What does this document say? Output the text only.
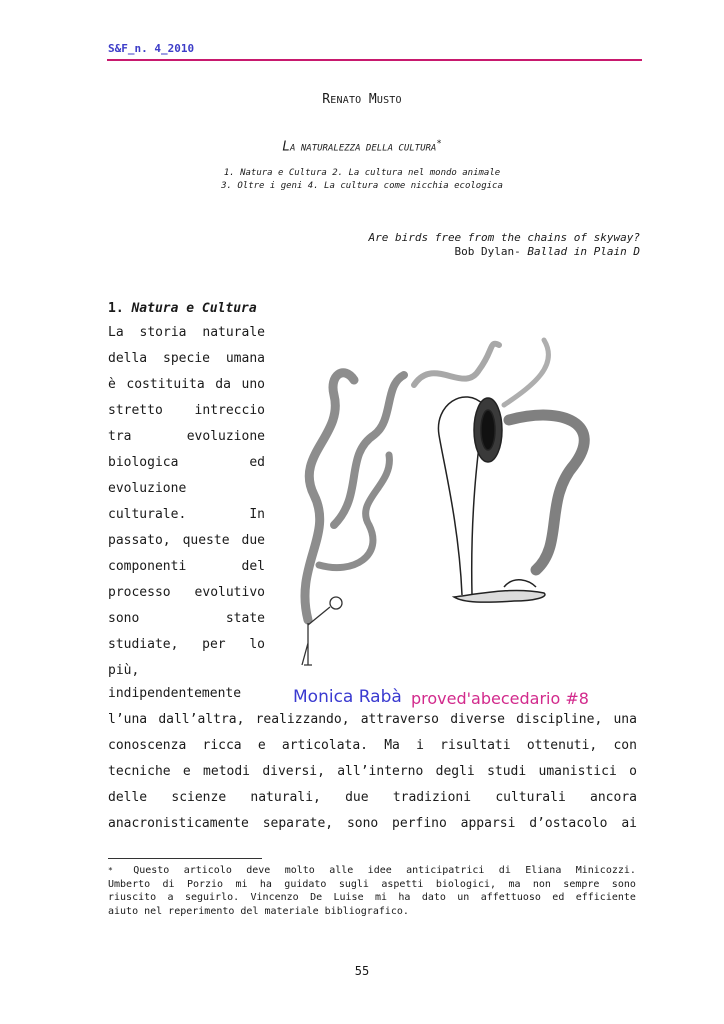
S&F_n. 4_2010
RENATO MUSTO
LA NATURALEZZA DELLA CULTURA*
1. Natura e Cultura 2. La cultura nel mondo animale
3. Oltre i geni 4. La cultura come nicchia ecologica
Are birds free from the chains of skyway?
Bob Dylan- Ballad in Plain D
1. Natura e Cultura
La storia naturale
della specie umana
è costituita da uno
stretto intreccio
tra	evoluzione
biologica	ed
evoluzione
culturale.	In
passato, queste due
componenti	del
processo evolutivo
sono	state
studiate, per lo
più,
indipendentemente
l’una dall’altra, realizzando, attraverso diverse discipline, una
conoscenza ricca e articolata. Ma i risultati ottenuti, con
tecniche e metodi diversi, all’interno degli studi umanistici o
delle scienze naturali, due tradizioni culturali ancora
anacronisticamente separate, sono perfino apparsi d’ostacolo ai
proved'abecedario #8
Monica Rabà
* Questo articolo deve molto alle idee anticipatrici di Eliana Minicozzi.
Umberto di Porzio mi ha guidato sugli aspetti biologici, ma non sempre sono
riuscito a seguirlo. Vincenzo De Luise mi ha dato un affettuoso ed efficiente
aiuto nel reperimento del materiale bibliografico.
55
